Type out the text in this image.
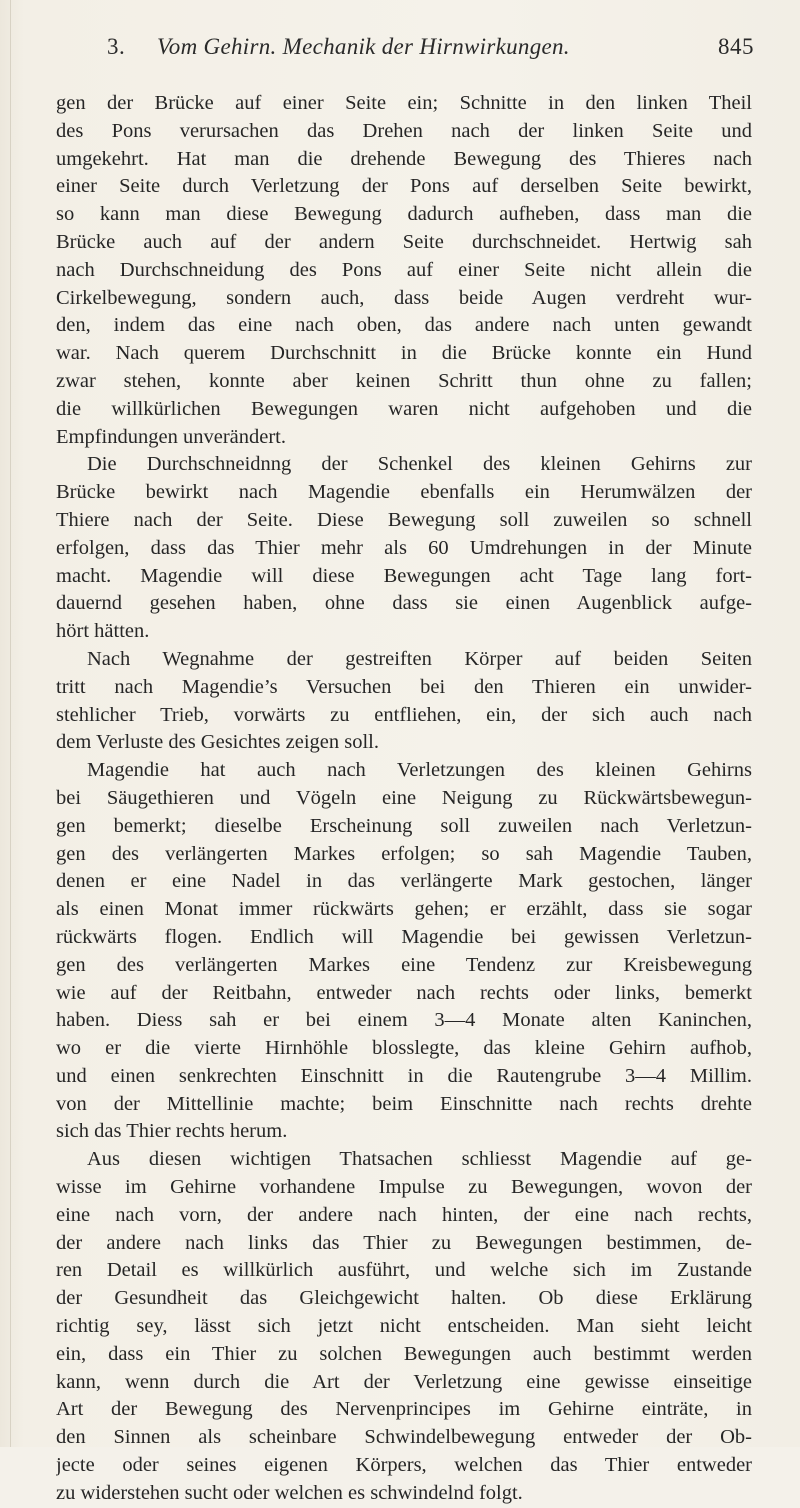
3. Vom Gehirn. Mechanik der Hirnwirkungen.	845
gen der Brücke auf einer Seite ein; Schnitte in den linken Theil
des Pons verursachen das Drehen nach der linken Seite und
umgekehrt. Hat man die drehende Bewegung des Thieres nach
einer Seite durch Verletzung der Pons auf derselben Seite bewirkt,
so kann man diese Bewegung dadurch aufheben, dass man die
Brücke auch auf der andern Seite durchschneidet. Hertwig sah
nach Durchschneidung des Pons auf einer Seite nicht allein die
Cirkelbewegung, sondern auch, dass beide Augen verdreht wur-
den, indem das eine nach oben, das andere nach unten gewandt
war. Nach querem Durchschnitt in die Brücke konnte ein Hund
zwar stehen, konnte aber keinen Schritt thun ohne zu fallen;
die willkürlichen Bewegungen waren nicht aufgehoben und die
Empfindungen unverändert.
Die Durchschneidnng der Schenkel des kleinen Gehirns zur
Brücke bewirkt nach Magendie ebenfalls ein Herumwälzen der
Thiere nach der Seite. Diese Bewegung soll zuweilen so schnell
erfolgen, dass das Thier mehr als 60 Umdrehungen in der Minute
macht. Magendie will diese Bewegungen acht Tage lang fort-
dauernd gesehen haben, ohne dass sie einen Augenblick aufge-
hört hätten.
Nach Wegnahme der gestreiften Körper auf beiden Seiten
tritt nach Magendie’s Versuchen bei den Thieren ein unwider-
stehlicher Trieb, vorwärts zu entfliehen, ein, der sich auch nach
dem Verluste des Gesichtes zeigen soll.
Magendie hat auch nach Verletzungen des kleinen Gehirns
bei Säugethieren und Vögeln eine Neigung zu Rückwärtsbewegun-
gen bemerkt; dieselbe Erscheinung soll zuweilen nach Verletzun-
gen des verlängerten Markes erfolgen; so sah Magendie Tauben,
denen er eine Nadel in das verlängerte Mark gestochen, länger
als einen Monat immer rückwärts gehen; er erzählt, dass sie sogar
rückwärts flogen. Endlich will Magendie bei gewissen Verletzun-
gen des verlängerten Markes eine Tendenz zur Kreisbewegung
wie auf der Reitbahn, entweder nach rechts oder links, bemerkt
haben. Diess sah er bei einem 3—4 Monate alten Kaninchen,
wo er die vierte Hirnhöhle blosslegte, das kleine Gehirn aufhob,
und einen senkrechten Einschnitt in die Rautengrube 3—4 Millim.
von der Mittellinie machte; beim Einschnitte nach rechts drehte
sich das Thier rechts herum.
Aus diesen wichtigen Thatsachen schliesst Magendie auf ge-
wisse im Gehirne vorhandene Impulse zu Bewegungen, wovon der
eine nach vorn, der andere nach hinten, der eine nach rechts,
der andere nach links das Thier zu Bewegungen bestimmen, de-
ren Detail es willkürlich ausführt, und welche sich im Zustande
der Gesundheit das Gleichgewicht halten. Ob diese Erklärung
richtig sey, lässt sich jetzt nicht entscheiden. Man sieht leicht
ein, dass ein Thier zu solchen Bewegungen auch bestimmt werden
kann, wenn durch die Art der Verletzung eine gewisse einseitige
Art der Bewegung des Nervenprincipes im Gehirne einträte, in
den Sinnen als scheinbare Schwindelbewegung entweder der Ob-
jecte oder seines eigenen Körpers, welchen das Thier entweder
zu widerstehen sucht oder welchen es schwindelnd folgt.
